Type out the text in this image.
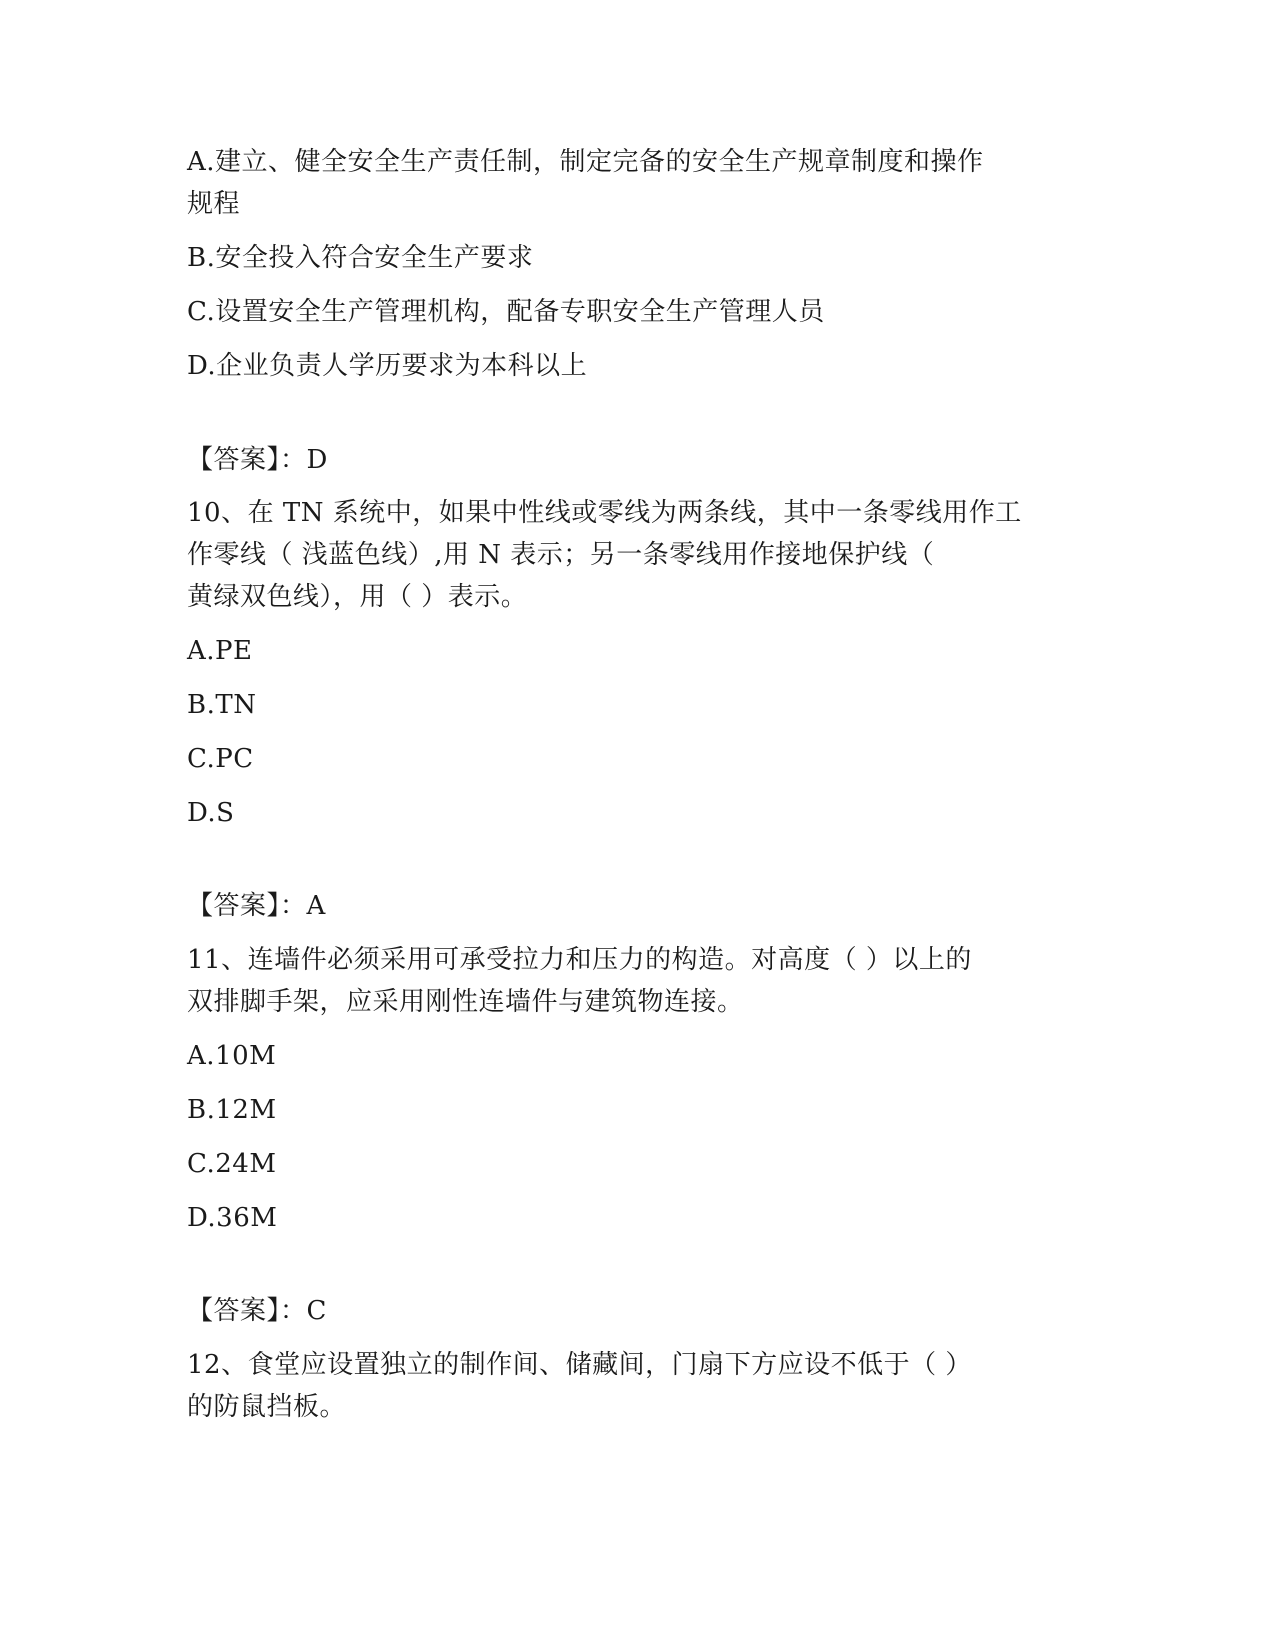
A.建立、健全安全生产责任制，制定完备的安全生产规章制度和操作
规程
B.安全投入符合安全生产要求
C.设置安全生产管理机构，配备专职安全生产管理人员
D.企业负责人学历要求为本科以上
【答案】：D
10、在 TN 系统中，如果中性线或零线为两条线，其中一条零线用作工
作零线（ 浅蓝色线）,用 N 表示；另一条零线用作接地保护线（
黄绿双色线），用（ ）表示。
A.PE
B.TN
C.PC
D.S
【答案】：A
11、连墙件必须采用可承受拉力和压力的构造。对高度（ ）以上的
双排脚手架，应采用刚性连墙件与建筑物连接。
A.10M
B.12M
C.24M
D.36M
【答案】：C
12、食堂应设置独立的制作间、储藏间，门扇下方应设不低于（ ）
的防鼠挡板。
